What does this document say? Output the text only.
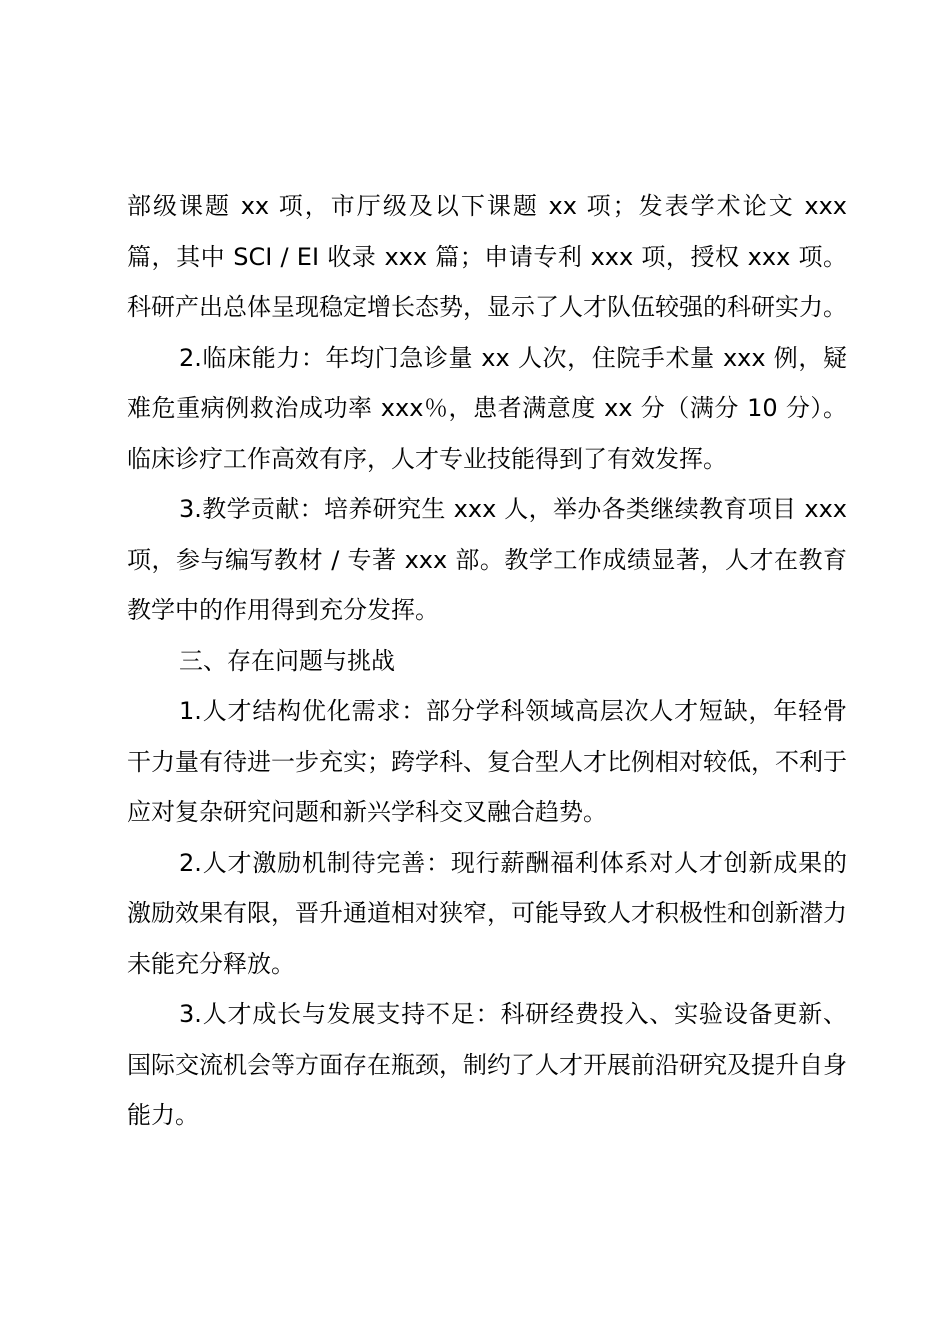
部级课题 xx 项，市厅级及以下课题 xx 项；发表学术论文 xxx 篇，其中 SCI / EI 收录 xxx 篇；申请专利 xxx 项，授权 xxx 项。科研产出总体呈现稳定增长态势，显示了人才队伍较强的科研实力。

2.临床能力：年均门急诊量 xx 人次，住院手术量 xxx 例，疑难危重病例救治成功率 xxx％，患者满意度 xx 分（满分 10 分）。临床诊疗工作高效有序，人才专业技能得到了有效发挥。

3.教学贡献：培养研究生 xxx 人，举办各类继续教育项目 xxx 项，参与编写教材 / 专著 xxx 部。教学工作成绩显著，人才在教育教学中的作用得到充分发挥。

三、存在问题与挑战

1.人才结构优化需求：部分学科领域高层次人才短缺，年轻骨干力量有待进一步充实；跨学科、复合型人才比例相对较低，不利于应对复杂研究问题和新兴学科交叉融合趋势。

2.人才激励机制待完善：现行薪酬福利体系对人才创新成果的激励效果有限，晋升通道相对狭窄，可能导致人才积极性和创新潜力未能充分释放。

3.人才成长与发展支持不足：科研经费投入、实验设备更新、国际交流机会等方面存在瓶颈，制约了人才开展前沿研究及提升自身能力。
